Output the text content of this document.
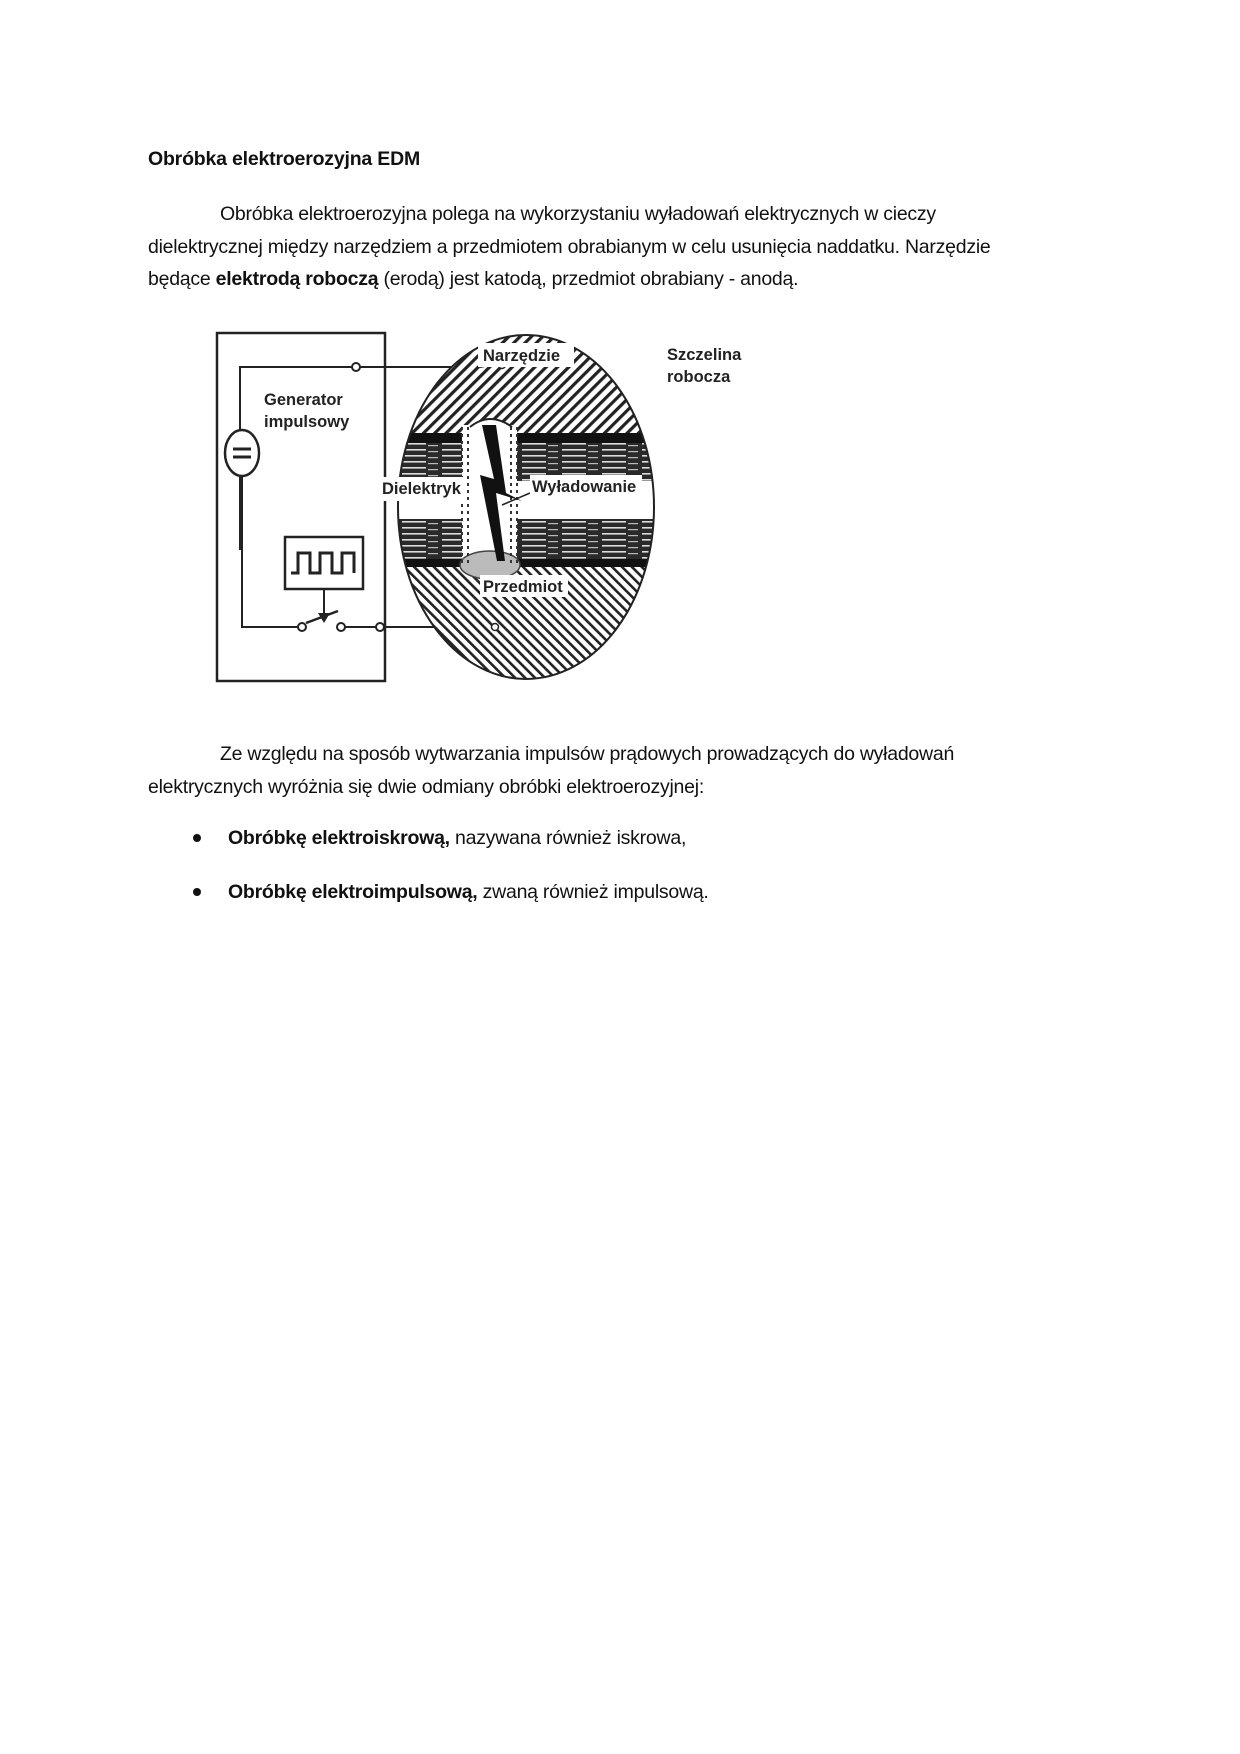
Obróbka elektroerozyjna EDM
Obróbka elektroerozyjna polega na wykorzystaniu wyładowań elektrycznych w cieczy
dielektrycznej między narzędziem a przedmiotem obrabianym w celu usunięcia naddatku. Narzędzie
będące elektrodą roboczą (erodą) jest katodą, przedmiot obrabiany - anodą.
Generator
impulsowy
Narzędzie
Dielektryk	Wyładowanie
Przedmiot
Szczelina
robocza
Ze względu na sposób wytwarzania impulsów prądowych prowadzących do wyładowań
elektrycznych wyróżnia się dwie odmiany obróbki elektroerozyjnej:
Obróbkę elektroiskrową, nazywana również iskrowa,
Obróbkę elektroimpulsową, zwaną również impulsową.
